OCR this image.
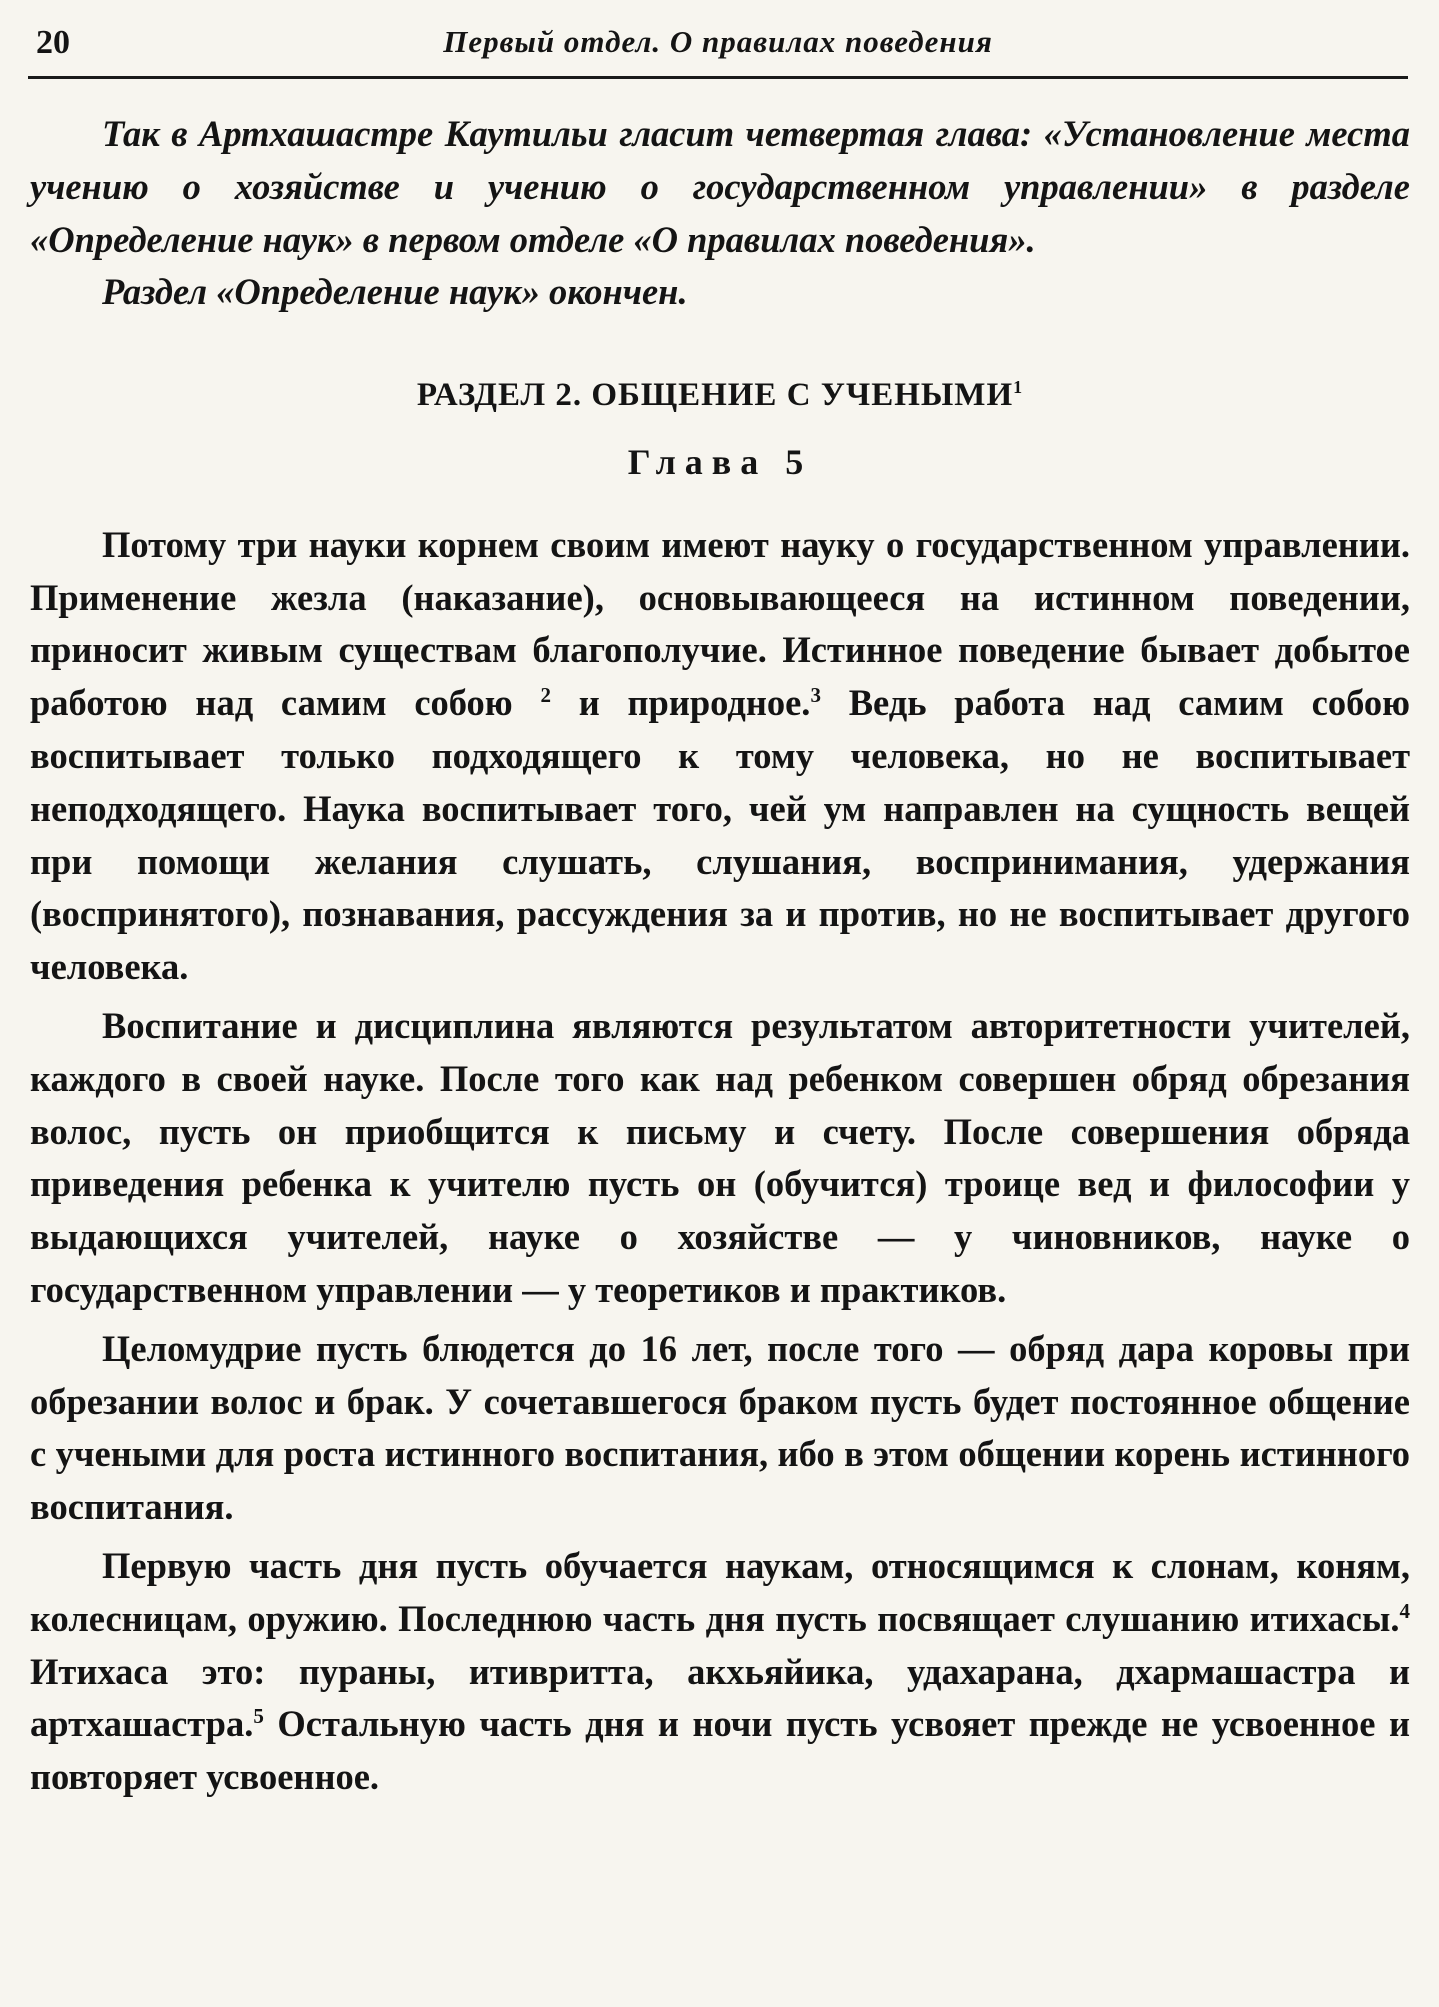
20	Первый отдел. О правилах поведения

Так в Артхашастре Каутильи гласит четвертая глава: «Установление места учению о хозяйстве и учению о государственном управлении» в разделе «Определение наук» в первом отделе «О правилах поведения».

Раздел «Определение наук» окончен.

РАЗДЕЛ 2. ОБЩЕНИЕ С УЧЕНЫМИ$^1$

Глава 5

Потому три науки корнем своим имеют науку о государственном управлении. Применение жезла (наказание), основывающееся на истинном поведении, приносит живым существам благополучие. Истинное поведение бывает добытое работою над самим собою $^2$ и природное.$^3$ Ведь работа над самим собою воспитывает только подходящего к тому человека, но не воспитывает неподходящего. Наука воспитывает того, чей ум направлен на сущность вещей при помощи желания слушать, слушания, воспринимания, удержания (воспринятого), познавания, рассуждения за и против, но не воспитывает другого человека.

Воспитание и дисциплина являются результатом авторитетности учителей, каждого в своей науке. После того как над ребенком совершен обряд обрезания волос, пусть он приобщится к письму и счету. После совершения обряда приведения ребенка к учителю пусть он (обучится) троице вед и философии у выдающихся учителей, науке о хозяйстве — у чиновников, науке о государственном управлении — у теоретиков и практиков.

Целомудрие пусть блюдется до 16 лет, после того — обряд дара коровы при обрезании волос и брак. У сочетавшегося браком пусть будет постоянное общение с учеными для роста истинного воспитания, ибо в этом общении корень истинного воспитания.

Первую часть дня пусть обучается наукам, относящимся к слонам, коням, колесницам, оружию. Последнюю часть дня пусть посвящает слушанию итихасы.$^4$ Итихаса это: пураны, итивритта, акхьяйика, удахарана, дхармашастра и артхашастра.$^5$ Остальную часть дня и ночи пусть усвояет прежде не усвоенное и повторяет усвоенное.
